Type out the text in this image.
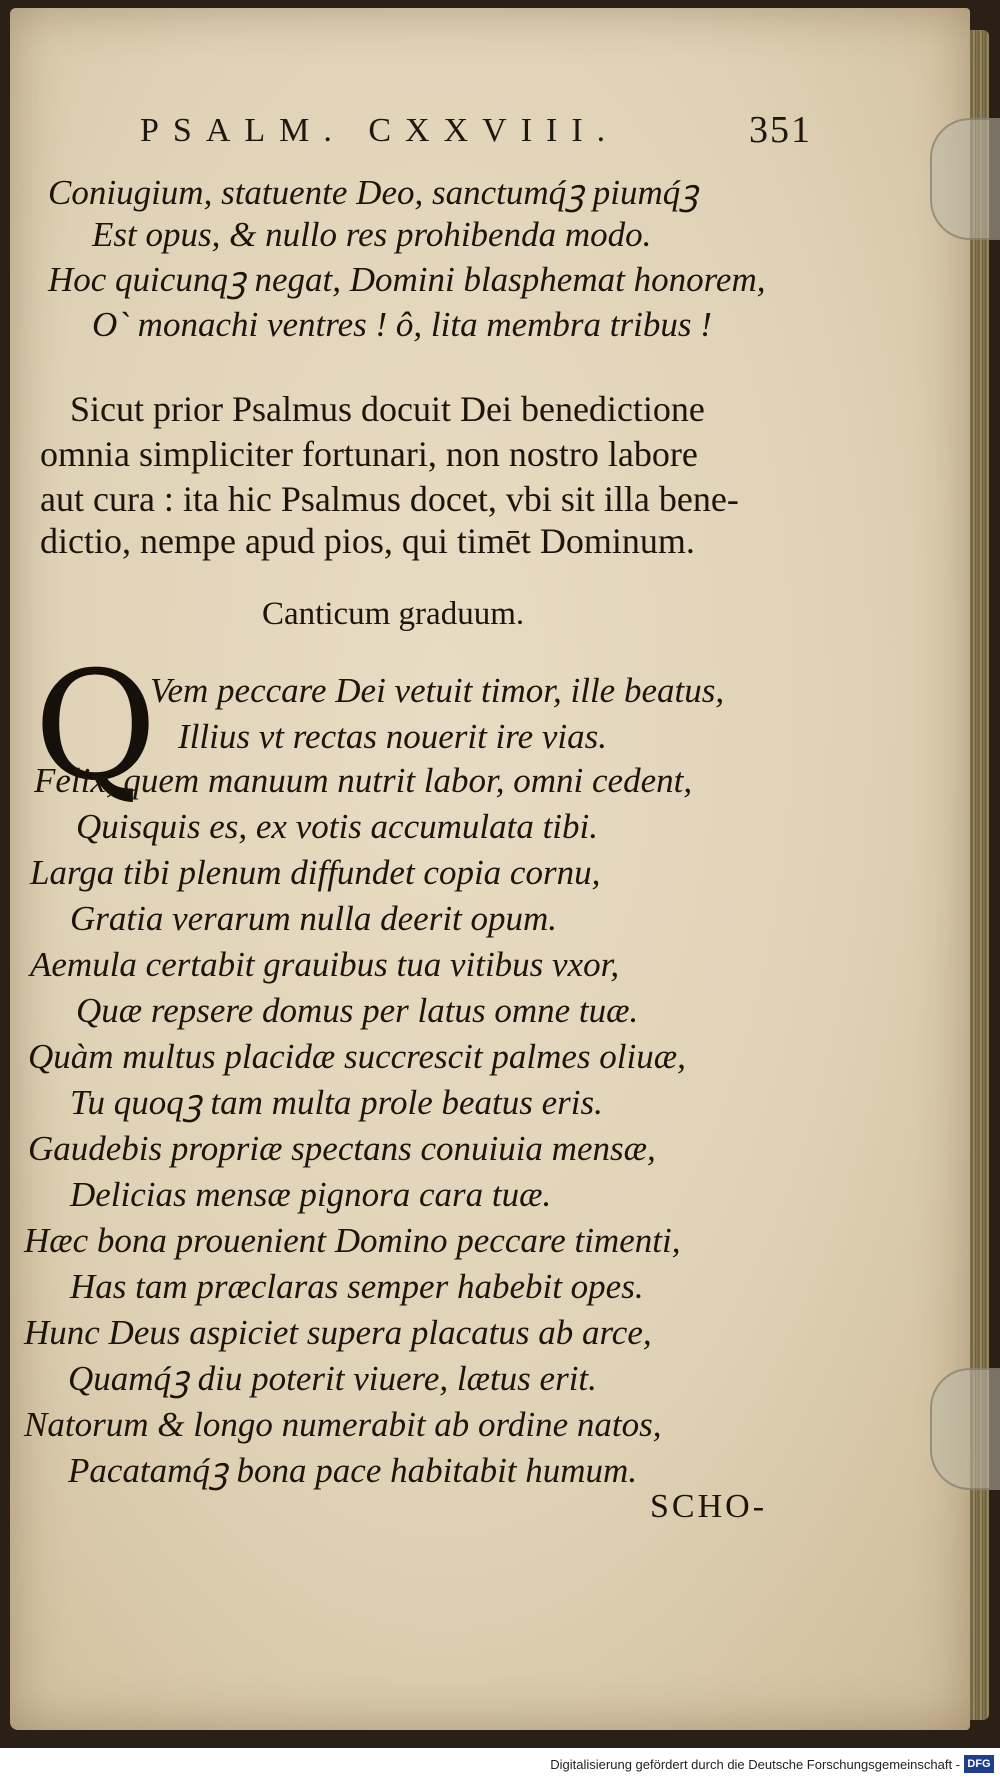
PSALM. CXXVIII.	351
Coniugium, statuente Deo, sanctumq́ꝫ piumq́ꝫ
Est opus, & nullo res prohibenda modo.
Hoc quicunqꝫ negat, Domini blasphemat honorem,
O` monachi ventres ! ô, lita membra tribus !
Sicut prior Psalmus docuit Dei benedictione
omnia simpliciter fortunari, non nostro labore
aut cura : ita hic Psalmus docet, vbi sit illa bene-
dictio, nempe apud pios, qui timēt Dominum.
Canticum graduum.
Q
Vem peccare Dei vetuit timor, ille beatus,
Illius vt rectas nouerit ire vias.
Felix, quem manuum nutrit labor, omni cedent,
Quisquis es, ex votis accumulata tibi.
Larga tibi plenum diffundet copia cornu,
Gratia verarum nulla deerit opum.
Aemula certabit grauibus tua vitibus vxor,
Quæ repsere domus per latus omne tuæ.
Quàm multus placidæ succrescit palmes oliuæ,
Tu quoqꝫ tam multa prole beatus eris.
Gaudebis propriæ spectans conuiuia mensæ,
Delicias mensæ pignora cara tuæ.
Hæc bona prouenient Domino peccare timenti,
Has tam præclaras semper habebit opes.
Hunc Deus aspiciet supera placatus ab arce,
Quamq́ꝫ diu poterit viuere, lætus erit.
Natorum & longo numerabit ab ordine natos,
Pacatamq́ꝫ bona pace habitabit humum.
SCHO-
Digitalisierung gefördert durch die Deutsche Forschungsgemeinschaft - DFG
